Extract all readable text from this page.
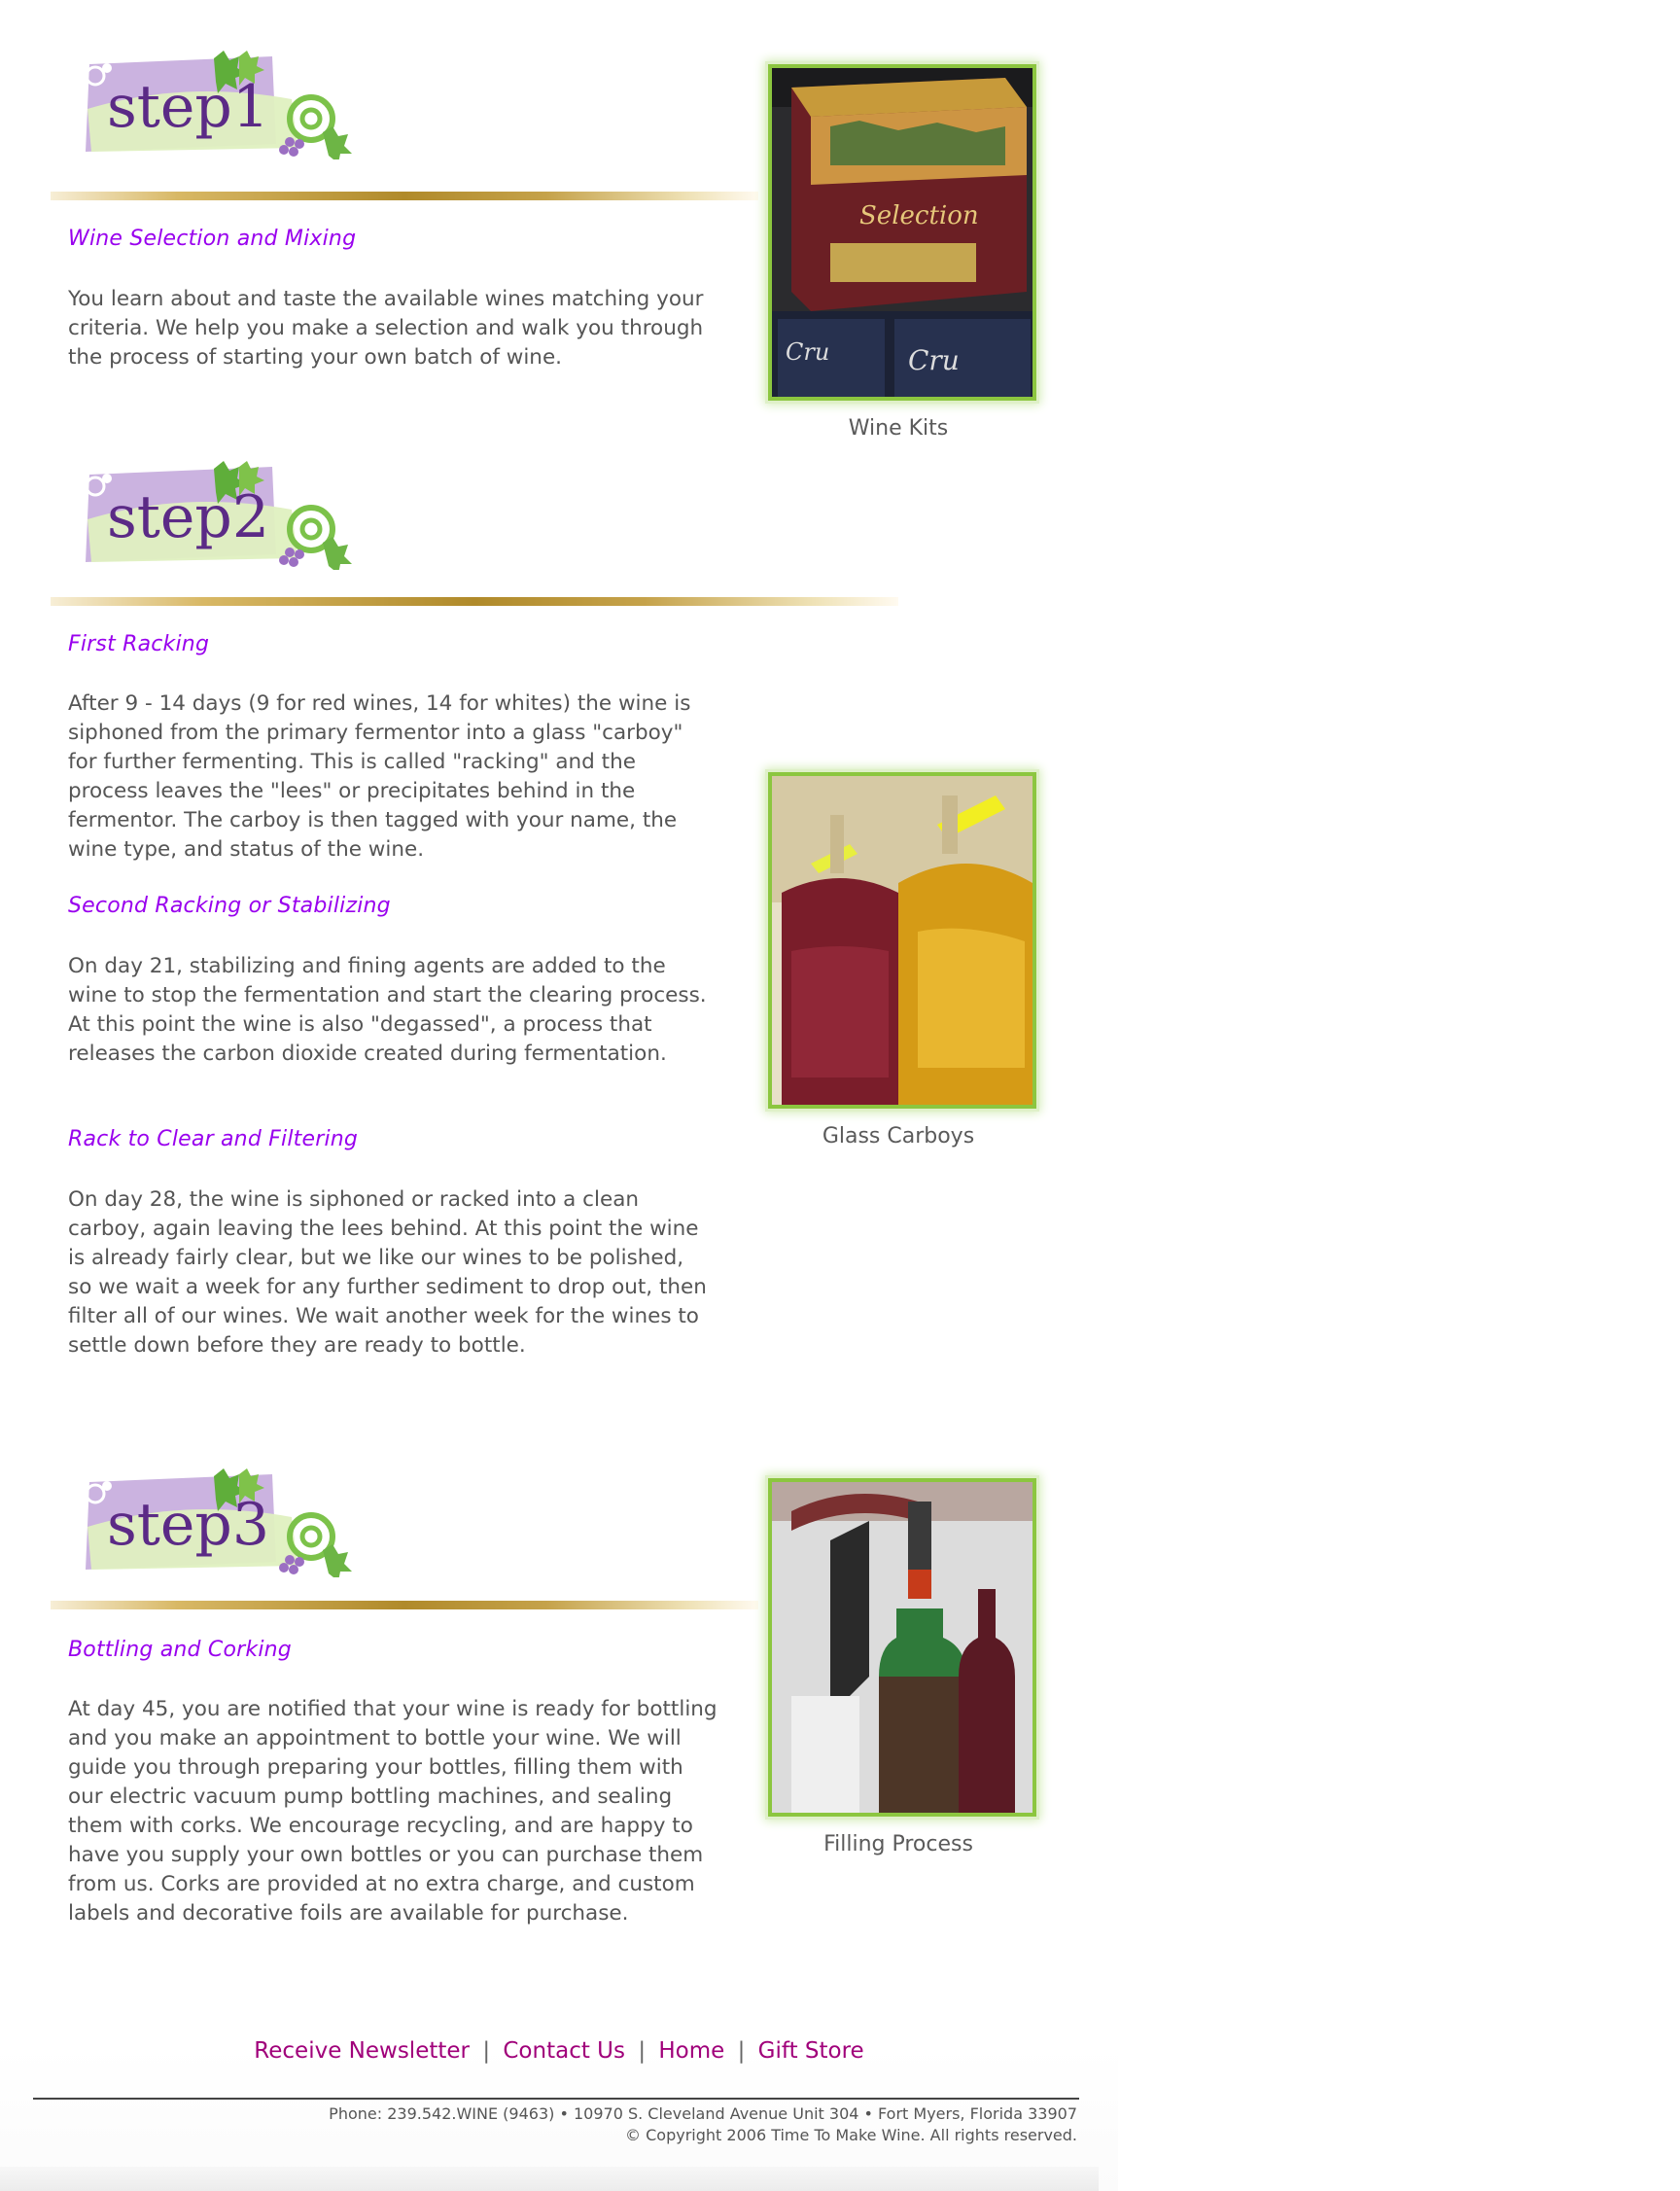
step1
Wine Selection and Mixing

You learn about and taste the available wines matching your criteria. We help you make a selection and walk you through the process of starting your own batch of wine.

Selection
Cru
Cru
Wine Kits
step2
First Racking

After 9 - 14 days (9 for red wines, 14 for whites) the wine is siphoned from the primary fermentor into a glass "carboy" for further fermenting. This is called "racking" and the process leaves the "lees" or precipitates behind in the fermentor. The carboy is then tagged with your name, the wine type, and status of the wine.

Second Racking or Stabilizing

On day 21, stabilizing and fining agents are added to the wine to stop the fermentation and start the clearing process. At this point the wine is also "degassed", a process that releases the carbon dioxide created during fermentation.

Rack to Clear and Filtering

On day 28, the wine is siphoned or racked into a clean carboy, again leaving the lees behind. At this point the wine is already fairly clear, but we like our wines to be polished, so we wait a week for any further sediment to drop out, then filter all of our wines. We wait another week for the wines to settle down before they are ready to bottle.

Glass Carboys
step3
Bottling and Corking

At day 45, you are notified that your wine is ready for bottling and you make an appointment to bottle your wine. We will guide you through preparing your bottles, filling them with our electric vacuum pump bottling machines, and sealing them with corks. We encourage recycling, and are happy to have you supply your own bottles or you can purchase them from us. Corks are provided at no extra charge, and custom labels and decorative foils are available for purchase.

Filling Process
Receive Newsletter | Contact Us | Home | Gift Store
Phone: 239.542.WINE (9463) • 10970 S. Cleveland Avenue Unit 304 • Fort Myers, Florida 33907
© Copyright 2006 Time To Make Wine. All rights reserved.
